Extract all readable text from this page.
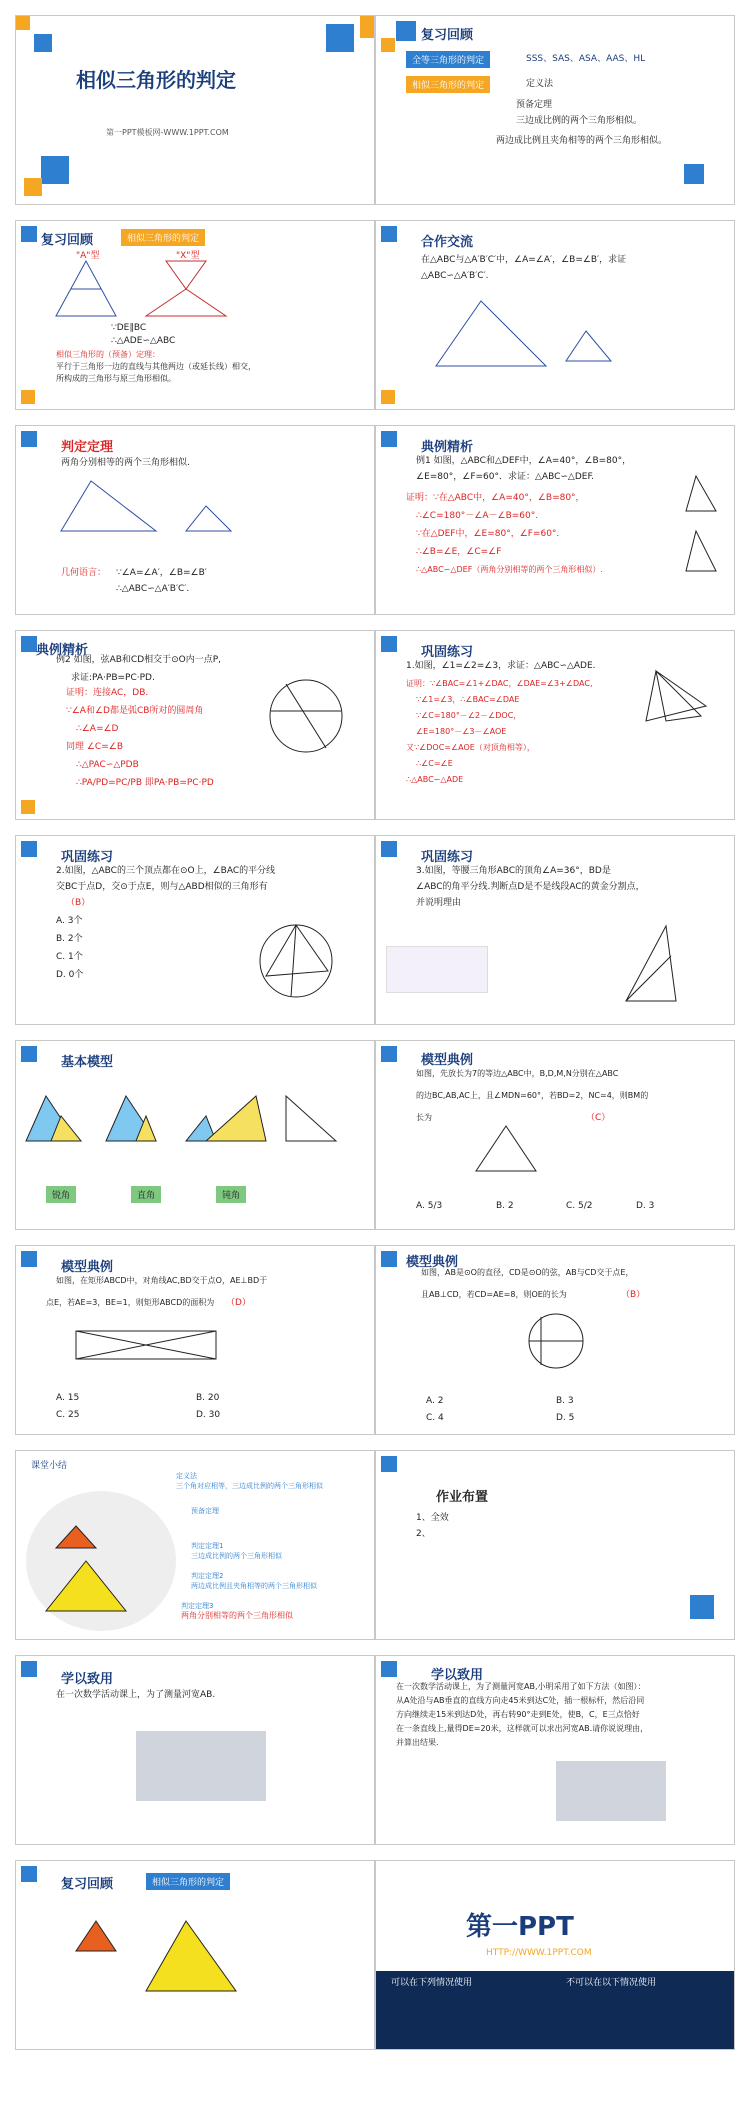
相似三角形的判定
第一PPT模板网-WWW.1PPT.COM
复习回顾
全等三角形的判定	SSS、SAS、ASA、AAS、HL
相似三角形的判定	定义法
预备定理
三边成比例的两个三角形相似。
两边成比例且夹角相等的两个三角形相似。
复习回顾	相似三角形的判定
"A"型	"X"型
∵DE∥BC
∴△ADE∽△ABC
相似三角形的（预备）定理：
平行于三角形一边的直线与其他两边（或延长线）相交，
所构成的三角形与原三角形相似。
合作交流
在△ABC与△A′B′C′中，∠A=∠A′，∠B=∠B′，求证
△ABC∽△A′B′C′.
判定定理
两角分别相等的两个三角形相似.
几何语言： ∵∠A=∠A′，∠B=∠B′
∴△ABC∽△A′B′C′.
典例精析
例1 如图，△ABC和△DEF中，∠A=40°，∠B=80°，
∠E=80°，∠F=60°．求证：△ABC∽△DEF.
证明：∵在△ABC中，∠A=40°，∠B=80°，
∴∠C=180°－∠A－∠B=60°.
∵在△DEF中，∠E=80°，∠F=60°．
∴∠B=∠E，∠C=∠F
∴△ABC∽△DEF（两角分别相等的两个三角形相似）.
典例精析
例2 如图，弦AB和CD相交于⊙O内一点P,
求证:PA·PB=PC·PD.
证明：连接AC，DB.
∵∠A和∠D都是弧CB所对的圆周角
∴∠A=∠D
同理 ∠C=∠B
∴△PAC∽△PDB
∴PA/PD=PC/PB 即PA·PB=PC·PD
巩固练习
1.如图，∠1=∠2=∠3，求证：△ABC∽△ADE.
证明：∵∠BAC=∠1+∠DAC，∠DAE=∠3+∠DAC,
∵∠1=∠3，∴∠BAC=∠DAE
∵∠C=180°－∠2－∠DOC，
∠E=180°－∠3－∠AOE
又∵∠DOC=∠AOE（对顶角相等），
∴∠C=∠E
∴△ABC∽△ADE
巩固练习
2.如图，△ABC的三个顶点都在⊙O上，∠BAC的平分线
交BC于点D，交⊙于点E，则与△ABD相似的三角形有
（B）
A. 3个
B. 2个
C. 1个
D. 0个
巩固练习
3.如图，等腰三角形ABC的顶角∠A=36°，BD是
∠ABC的角平分线.判断点D是不是线段AC的黄金分割点，
并说明理由
基本模型
锐角	直角	钝角
模型典例
如图，先放长为7的等边△ABC中，B,D,M,N分别在△ABC
的边BC,AB,AC上，且∠MDN=60°，若BD=2，NC=4，则BM的
长为	（C）
A. 5/3	B. 2	C. 5/2	D. 3
模型典例
如图，在矩形ABCD中，对角线AC,BD交于点O，AE⊥BD于
点E，若AE=3，BE=1，则矩形ABCD的面积为 （D）
A. 15	B. 20
C. 25	D. 30
模型典例
如图，AB是⊙O的直径，CD是⊙O的弦，AB与CD交于点E，
且AB⊥CD，若CD=AE=8，则OE的长为	（B）
A. 2	B. 3
C. 4	D. 5
课堂小结
定义法
三个角对应相等，三边成比例的两个三角形相似
预备定理
判定定理1
三边成比例的两个三角形相似
判定定理2
两边成比例且夹角相等的两个三角形相似
判定定理3
两角分别相等的两个三角形相似
作业布置
1、全效
2、
学以致用
在一次数学活动课上，为了测量河宽AB.
学以致用
在一次数学活动课上，为了测量河宽AB,小明采用了如下方法（如图）：
从A处沿与AB垂直的直线方向走45米到达C处，插一根标杆，然后沿同
方向继续走15米到达D处，再右转90°走到E处，使B，C，E三点恰好
在一条直线上,量得DE=20米，这样就可以求出河宽AB.请你说说理由，
并算出结果.
复习回顾	相似三角形的判定
第一PPT
HTTP://WWW.1PPT.COM
可以在下列情况使用	不可以在以下情况使用
